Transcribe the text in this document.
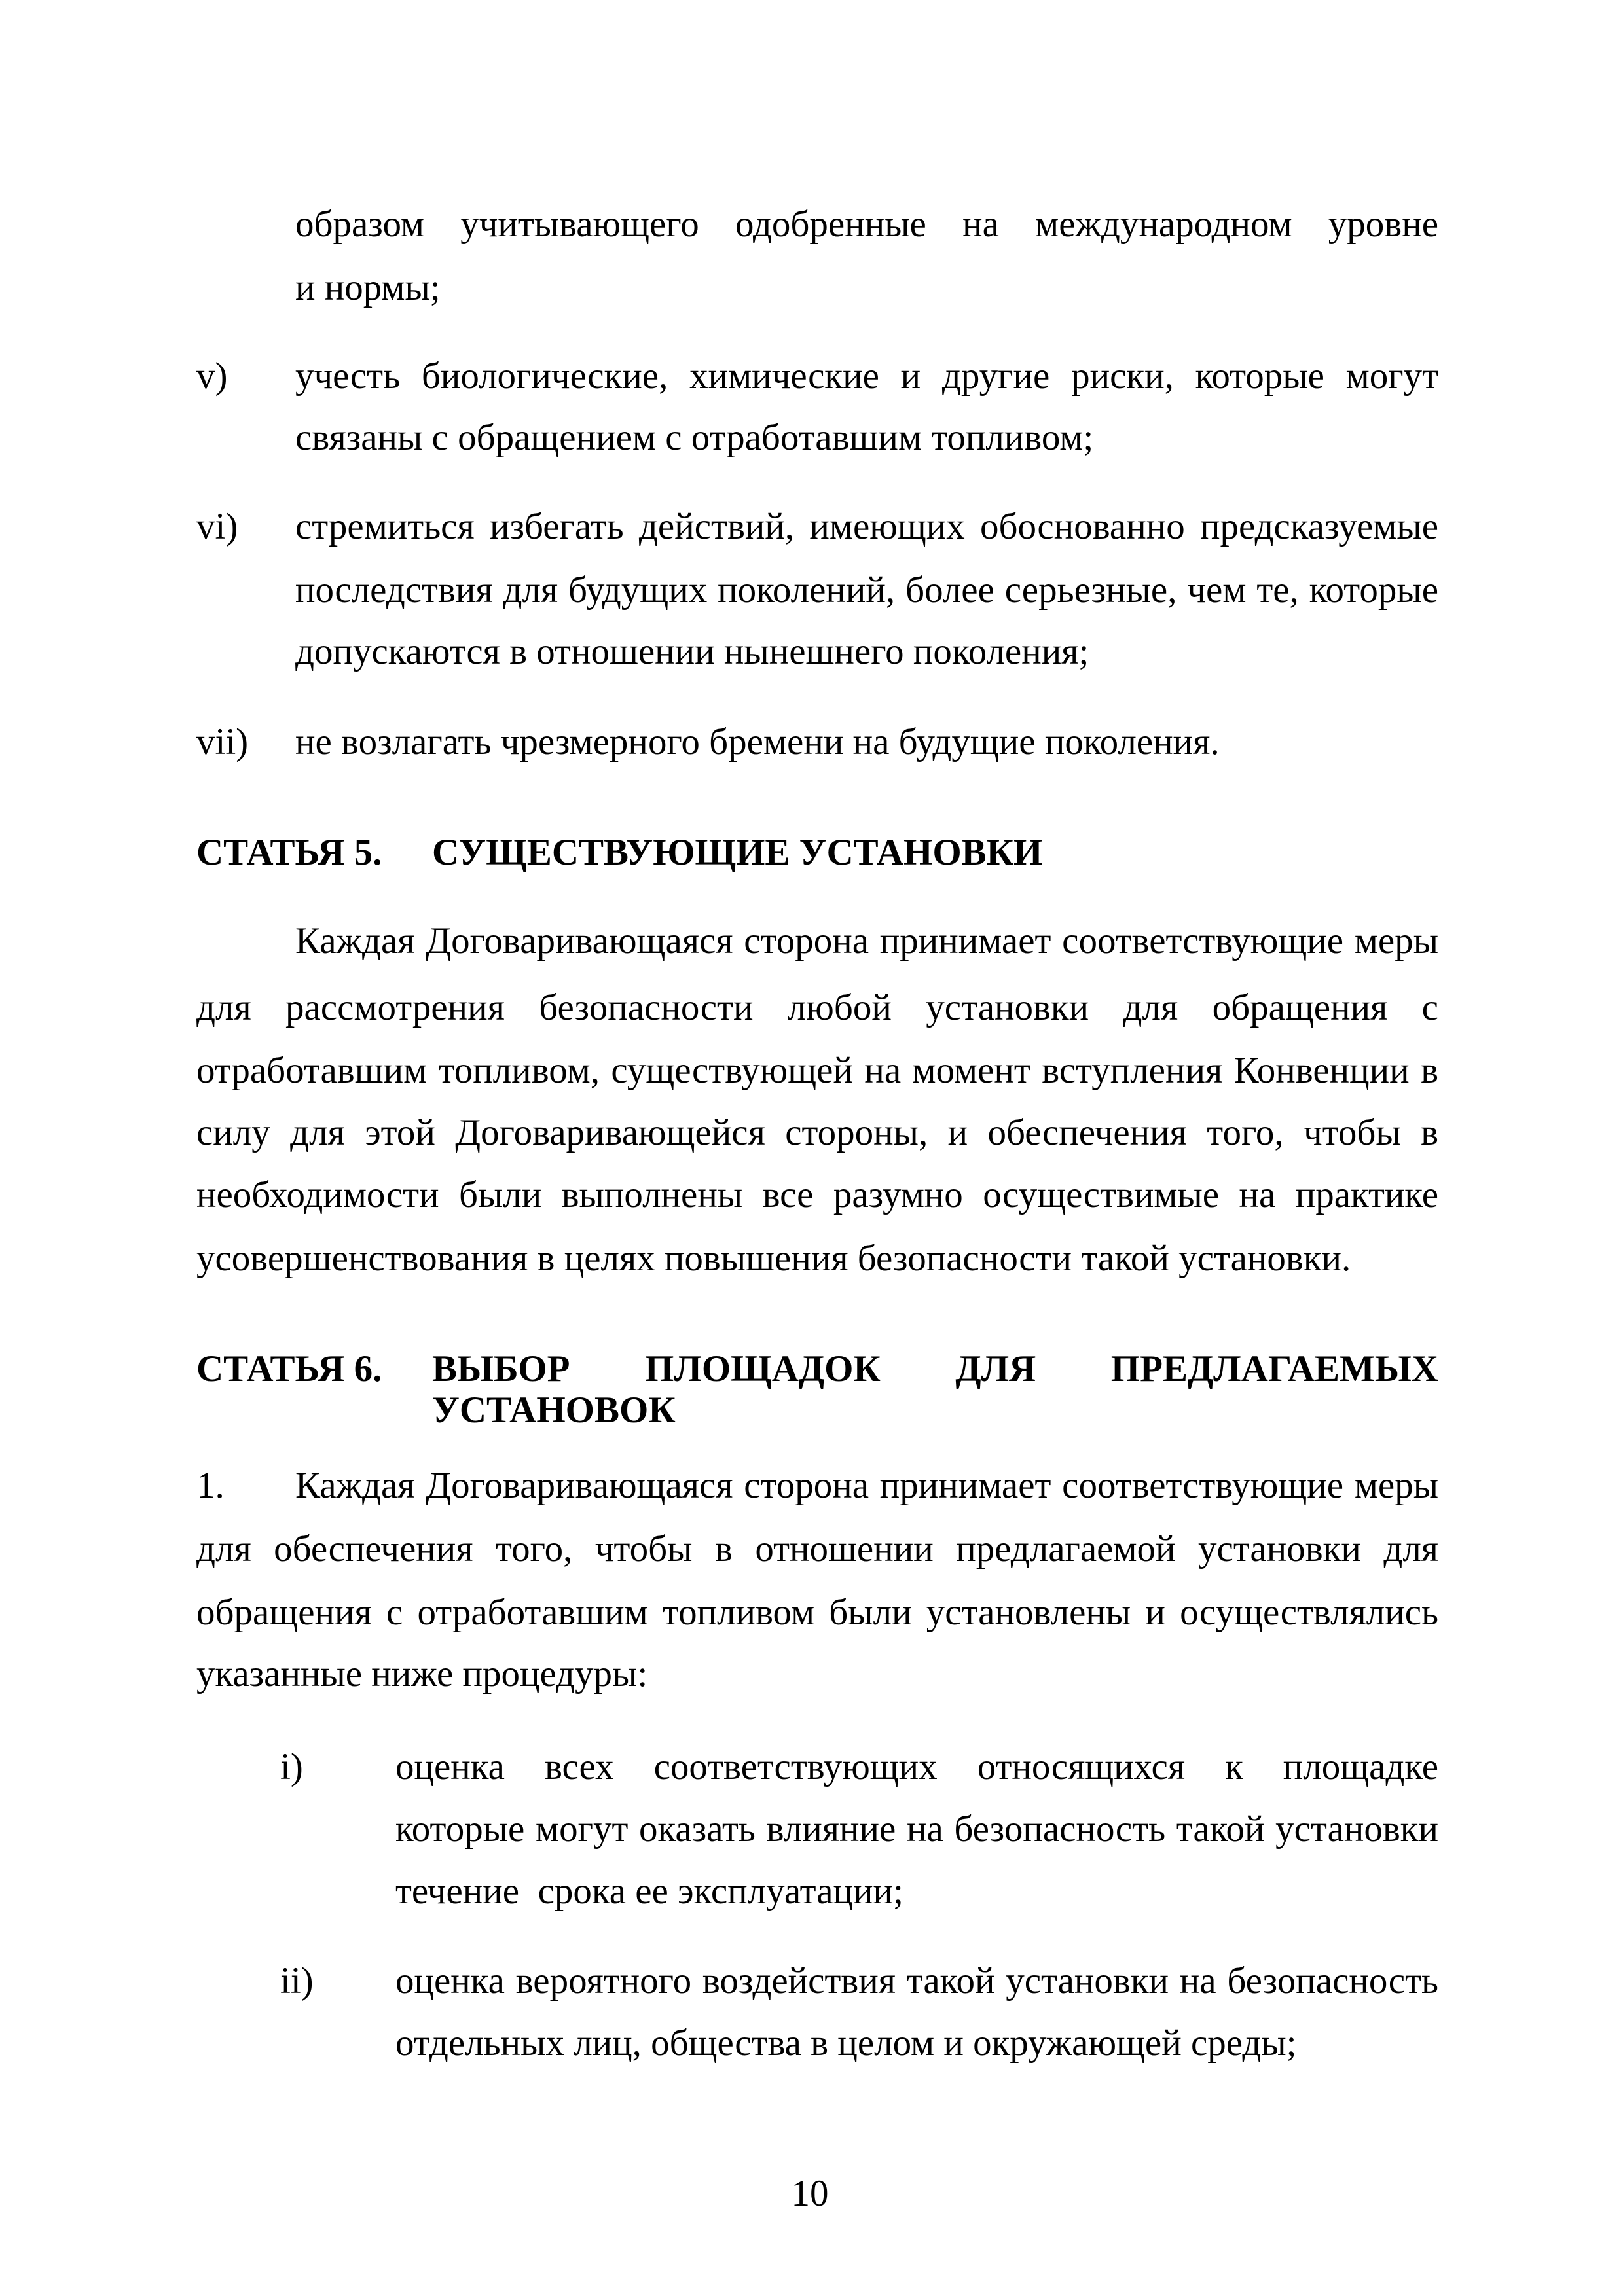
образом учитывающего одобренные на международном уровне
и нормы;
v) учесть биологические, химические и другие риски, которые могут
связаны с обращением с отработавшим топливом;
vi) стремиться избегать действий, имеющих обоснованно предсказуемые
последствия для будущих поколений, более серьезные, чем те, которые
допускаются в отношении нынешнего поколения;
vii) не возлагать чрезмерного бремени на будущие поколения.
СТАТЬЯ 5. СУЩЕСТВУЮЩИЕ УСТАНОВКИ
Каждая Договаривающаяся сторона принимает соответствующие меры
для рассмотрения безопасности любой установки для обращения с
отработавшим топливом, существующей на момент вступления Конвенции в
силу для этой Договаривающейся стороны, и обеспечения того, чтобы в
необходимости были выполнены все разумно осуществимые на практике
усовершенствования в целях повышения безопасности такой установки.
СТАТЬЯ 6. ВЫБОР ПЛОЩАДОК ДЛЯ ПРЕДЛАГАЕМЫХ
УСТАНОВОК
1. Каждая Договаривающаяся сторона принимает соответствующие меры
для обеспечения того, чтобы в отношении предлагаемой установки для
обращения с отработавшим топливом были установлены и осуществлялись
указанные ниже процедуры:
i) оценка всех соответствующих относящихся к площадке
которые могут оказать влияние на безопасность такой установки
течение  срока ее эксплуатации;
ii) оценка вероятного воздействия такой установки на безопасность
отдельных лиц, общества в целом и окружающей среды;
10
